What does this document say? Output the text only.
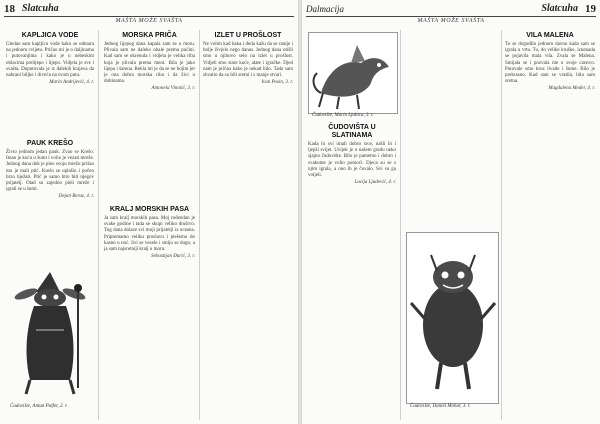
18 Slatcuha
MAŠTA MOŽE SVAŠTA
KAPLJICA VODE

Gledao sam kapljicu vode kako se odmara na jednom cvijetu. Pričao mi je o daljinama i putovanjima i kako je u nebeskim oblacima prelijepo i lijepo. Vidjela je sve i svašta. Doputovala je iz dalekih krajeva da nahrani biljke i drveća na svom putu.

Marin Andrijević, 4. r.
PAUK KREŠO

Živio jednom jedan pauk. Zvao se Krešo. Imao je kuću u šumi i volio je vezati mreže. Jednog dana dok je pleo svoju mrežu prišao mu je mali ptić. Krešo se uplašio i počeo brzo bježati. Ptić je samo htio biti njegov prijatelj. Otad su zajedno pleli mreže i igrali se u šumi.

Dejan Beruz, 4. r.
Ćudovište, Antun Palfer, 2. r.
MORSKA PRIČA

Jednog lijepog dana kapala sam se u moru. Plivala sam ne daleko obale prema pučini. Kad sam se okrenula i vidjela je velika riba koja je plivala prema meni. Bila je jako lijepa i šarena. Rekla mi je da se ne bojim jer je ona dobra morska riba i da živi u dubinama.

Antonela Vinotić, 3. r.
KRALJ MORSKIH PASA

Ja sam kralj morskih pasa. Moj rođendan je svake godine i tada se skupi veliko društvo. Tog dana dolaze svi moji prijatelji iz oceana. Pripremamo veliku proslavu i plešemo do kasno u noć. Svi se vesele i smiju se dugo, a ja sam najsretniji kralj u moru.

Sebastijan Đurić, 3. r.
IZLET U PROŠLOST

Ne volim kad baka i deda kažu da se ranije i bolje živjelo nego danas. Jednog dana otišli smo u njihovo selo na izlet u prošlost. Vidjeli smo stare kuće, alate i igračke. Djed nam je pričao kako je nekad bilo. Tada sam shvatio da su bili sretni i s manje stvari.

Ivan Posin, 3. r.
Dalmacija	Slatcuha 19
MAŠTA MOŽE SVAŠTA
Čudovište, Marin Ljubica, 3. r.
ČUDOVIŠTA U SLATINAMA

Kada bi svi imali dobro srce, našli bi i ljepši svijet. Uvijek je u našem gradu neko sjajno čudovište. Bilo je pametno i dobro i svakome je volio pomoći. Djeca su se s njim igrala, a ono ih je čuvalo. Svi su ga voljeli.

Lucija Ljudević, 4. r.
Čudovište, Daniel Mohar, 3. r.
VILA MALENA

To se dogodilo jednom davno kada sam se igrala u vrtu. Tu, do velike kruške, iznenada se pojavila mala vila. Zvala se Malena. Smijala se i pozvala me u svoje carstvo. Putovale smo kroz livade i šume. Bilo je prekrasno. Kad sam se vratila, bila sam sretna.

Magdalena Meder, 4. r.
